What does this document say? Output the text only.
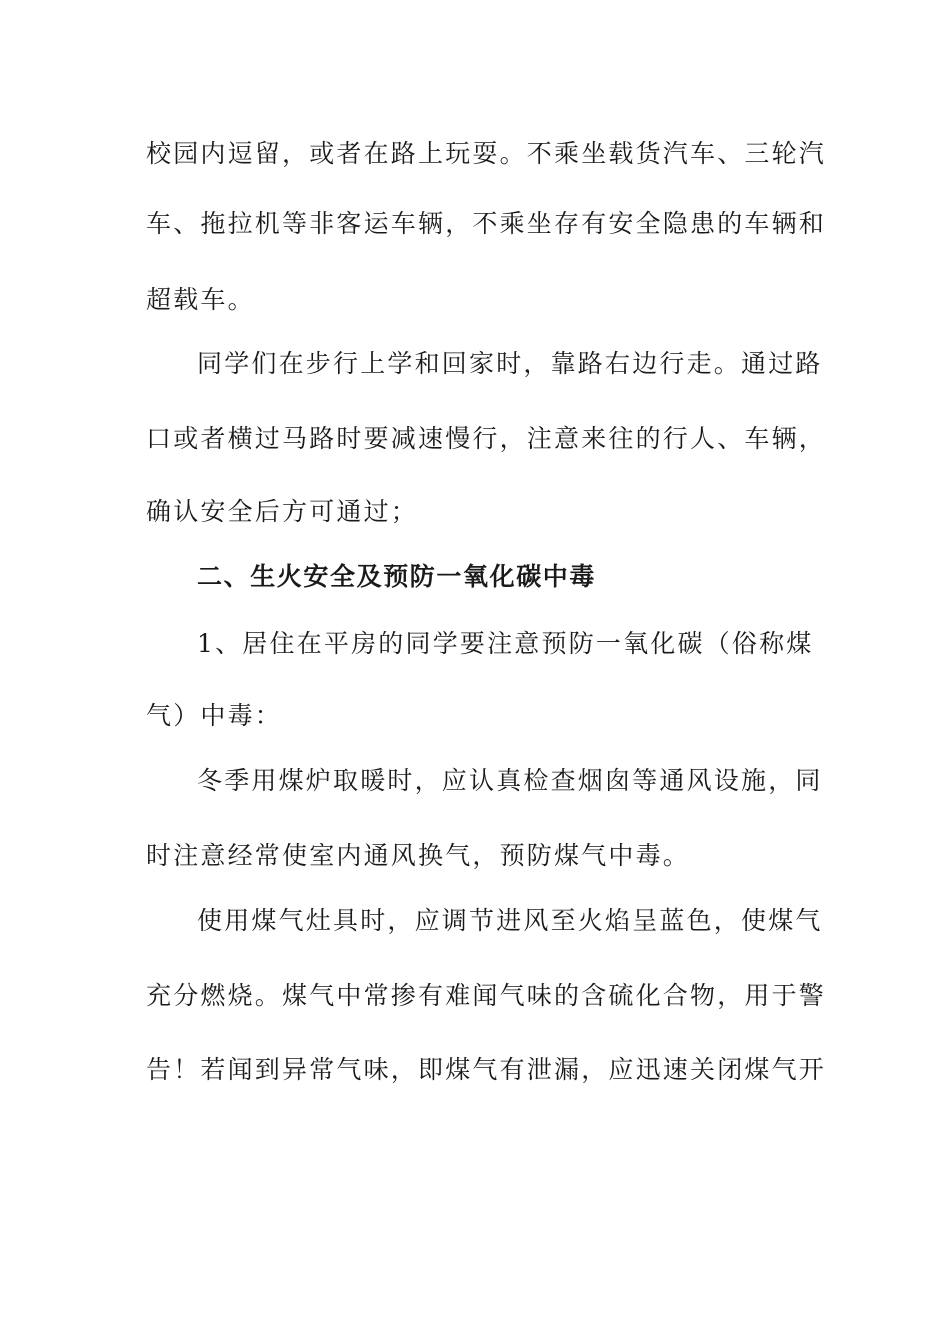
校园内逗留，或者在路上玩耍。不乘坐载货汽车、三轮汽
车、拖拉机等非客运车辆，不乘坐存有安全隐患的车辆和
超载车。
同学们在步行上学和回家时，靠路右边行走。通过路
口或者横过马路时要减速慢行，注意来往的行人、车辆，
确认安全后方可通过；
二、生火安全及预防一氧化碳中毒
1、居住在平房的同学要注意预防一氧化碳（俗称煤
气）中毒：
冬季用煤炉取暖时，应认真检查烟囱等通风设施，同
时注意经常使室内通风换气，预防煤气中毒。
使用煤气灶具时，应调节进风至火焰呈蓝色，使煤气
充分燃烧。煤气中常掺有难闻气味的含硫化合物，用于警
告！若闻到异常气味，即煤气有泄漏，应迅速关闭煤气开
